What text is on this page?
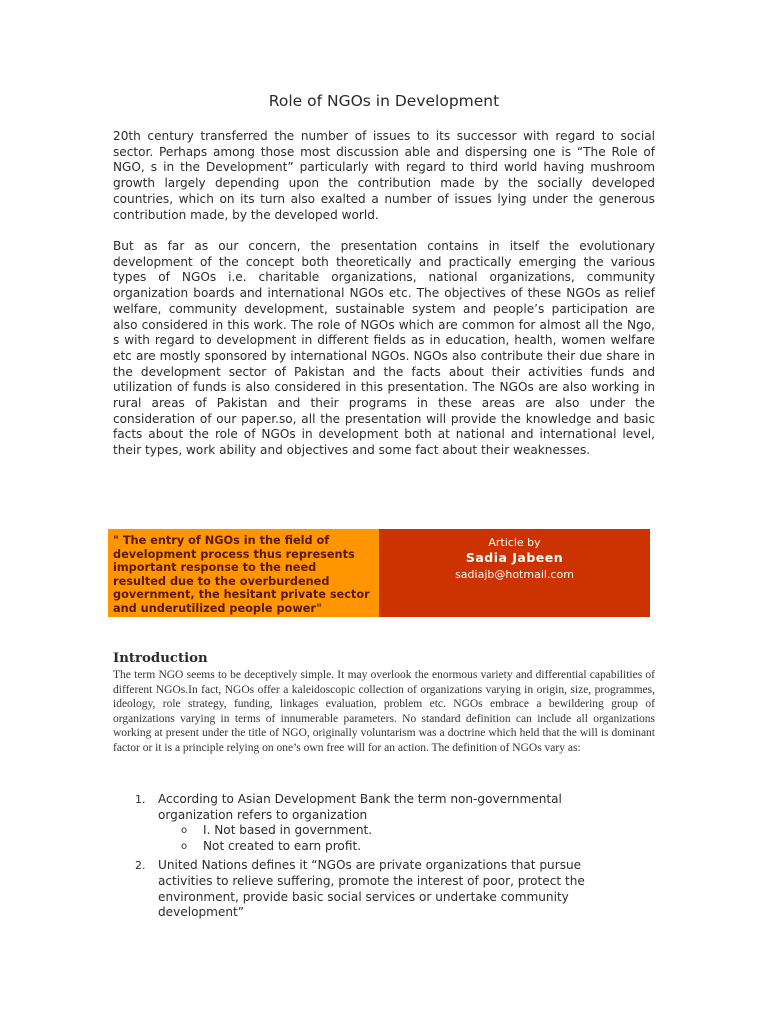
Role of NGOs in Development

20th century transferred the number of issues to its successor with regard to social sector. Perhaps among those most discussion able and dispersing one is “The Role of NGO, s in the Development” particularly with regard to third world having mushroom growth largely depending upon the contribution made by the socially developed countries, which on its turn also exalted a number of issues lying under the generous contribution made, by the developed world.

But as far as our concern, the presentation contains in itself the evolutionary development of the concept both theoretically and practically emerging the various types of NGOs i.e. charitable organizations, national organizations, community organization boards and international NGOs etc. The objectives of these NGOs as relief welfare, community development, sustainable system and people’s participation are also considered in this work. The role of NGOs which are common for almost all the Ngo, s with regard to development in different fields as in education, health, women welfare etc are mostly sponsored by international NGOs. NGOs also contribute their due share in the development sector of Pakistan and the facts about their activities funds and utilization of funds is also considered in this presentation. The NGOs are also working in rural areas of Pakistan and their programs in these areas are also under the consideration of our paper.so, all the presentation will provide the knowledge and basic facts about the role of NGOs in development both at national and international level, their types, work ability and objectives and some fact about their weaknesses.

" The entry of NGOs in the field of development process thus represents important response to the need resulted due to the overburdened government, the hesitant private sector and underutilized people power"
Article by
Sadia Jabeen
sadiajb@hotmail.com
Introduction

The term NGO seems to be deceptively simple. It may overlook the enormous variety and differential capabilities of different NGOs.In fact, NGOs offer a kaleidoscopic collection of organizations varying in origin, size, programmes, ideology, role strategy, funding, linkages evaluation, problem etc. NGOs embrace a bewildering group of organizations varying in terms of innumerable parameters. No standard definition can include all organizations working at present under the title of NGO, originally voluntarism was a doctrine which held that the will is dominant factor or it is a principle relying on one’s own free will for an action. The definition of NGOs vary as:

1. According to Asian Development Bank the term non-governmental organization refers to organization
o I. Not based in government.
o Not created to earn profit.
2. United Nations defines it “NGOs are private organizations that pursue activities to relieve suffering, promote the interest of poor, protect the environment, provide basic social services or undertake community development”
